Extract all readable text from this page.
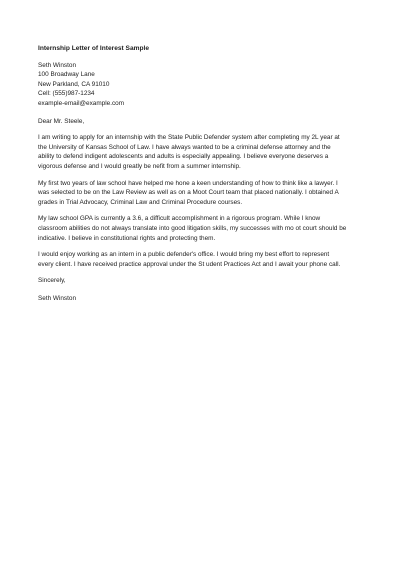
Internship Letter of Interest Sample
Seth Winston
100 Broadway Lane
New Parkland, CA 91010
Cell: (555)987-1234
example-email@example.com
Dear Mr. Steele,
I am writing to apply for an internship with the State Public Defender system after completing my 2L year at
the University of Kansas School of Law. I have always wanted to be a criminal defense attorney and the
ability to defend indigent adolescents and adults is especially appealing. I believe everyone deserves a
vigorous defense and I would greatly be nefit from a summer internship.
My first two years of law school have helped me hone a keen understanding of how to think like a lawyer. I
was selected to be on the Law Review as well as on a Moot Court team that placed nationally. I obtained A
grades in Trial Advocacy, Criminal Law and Criminal Procedure courses.
My law school GPA is currently a 3.6, a difficult accomplishment in a rigorous program. While I know
classroom abilities do not always translate into good litigation skills, my successes with mo ot court should be
indicative. I believe in constitutional rights and protecting them.
I would enjoy working as an intern in a public defender's office. I would bring my best effort to represent
every client. I have received practice approval under the St udent Practices Act and I await your phone call.
Sincerely,
Seth Winston
